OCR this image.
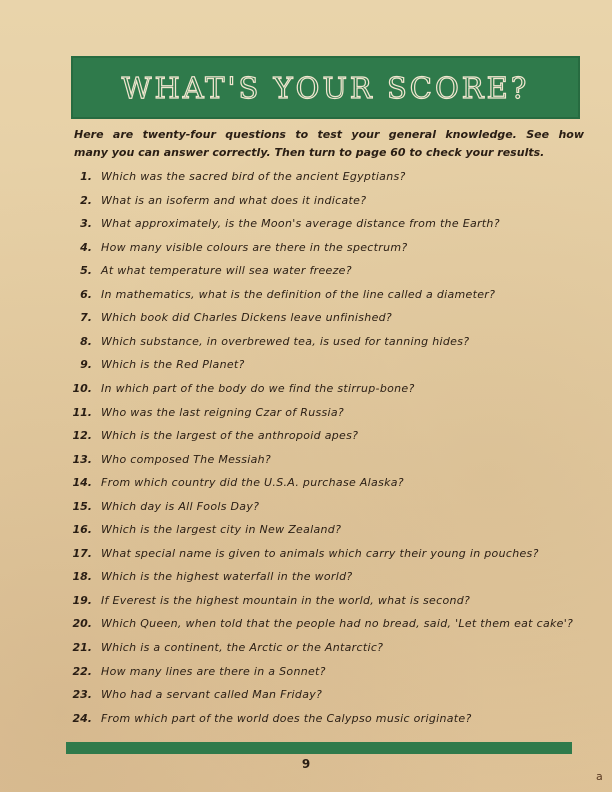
WHAT'S YOUR SCORE?
Here are twenty-four questions to test your general knowledge. See how
many you can answer correctly. Then turn to page 60 to check your results.
1. Which was the sacred bird of the ancient Egyptians?
2. What is an isoferm and what does it indicate?
3. What approximately, is the Moon's average distance from the Earth?
4. How many visible colours are there in the spectrum?
5. At what temperature will sea water freeze?
6. In mathematics, what is the definition of the line called a diameter?
7. Which book did Charles Dickens leave unfinished?
8. Which substance, in overbrewed tea, is used for tanning hides?
9. Which is the Red Planet?
10. In which part of the body do we find the stirrup-bone?
11. Who was the last reigning Czar of Russia?
12. Which is the largest of the anthropoid apes?
13. Who composed The Messiah?
14. From which country did the U.S.A. purchase Alaska?
15. Which day is All Fools Day?
16. Which is the largest city in New Zealand?
17. What special name is given to animals which carry their young in pouches?
18. Which is the highest waterfall in the world?
19. If Everest is the highest mountain in the world, what is second?
20. Which Queen, when told that the people had no bread, said, 'Let them eat cake'?
21. Which is a continent, the Arctic or the Antarctic?
22. How many lines are there in a Sonnet?
23. Who had a servant called Man Friday?
24. From which part of the world does the Calypso music originate?
9
a
